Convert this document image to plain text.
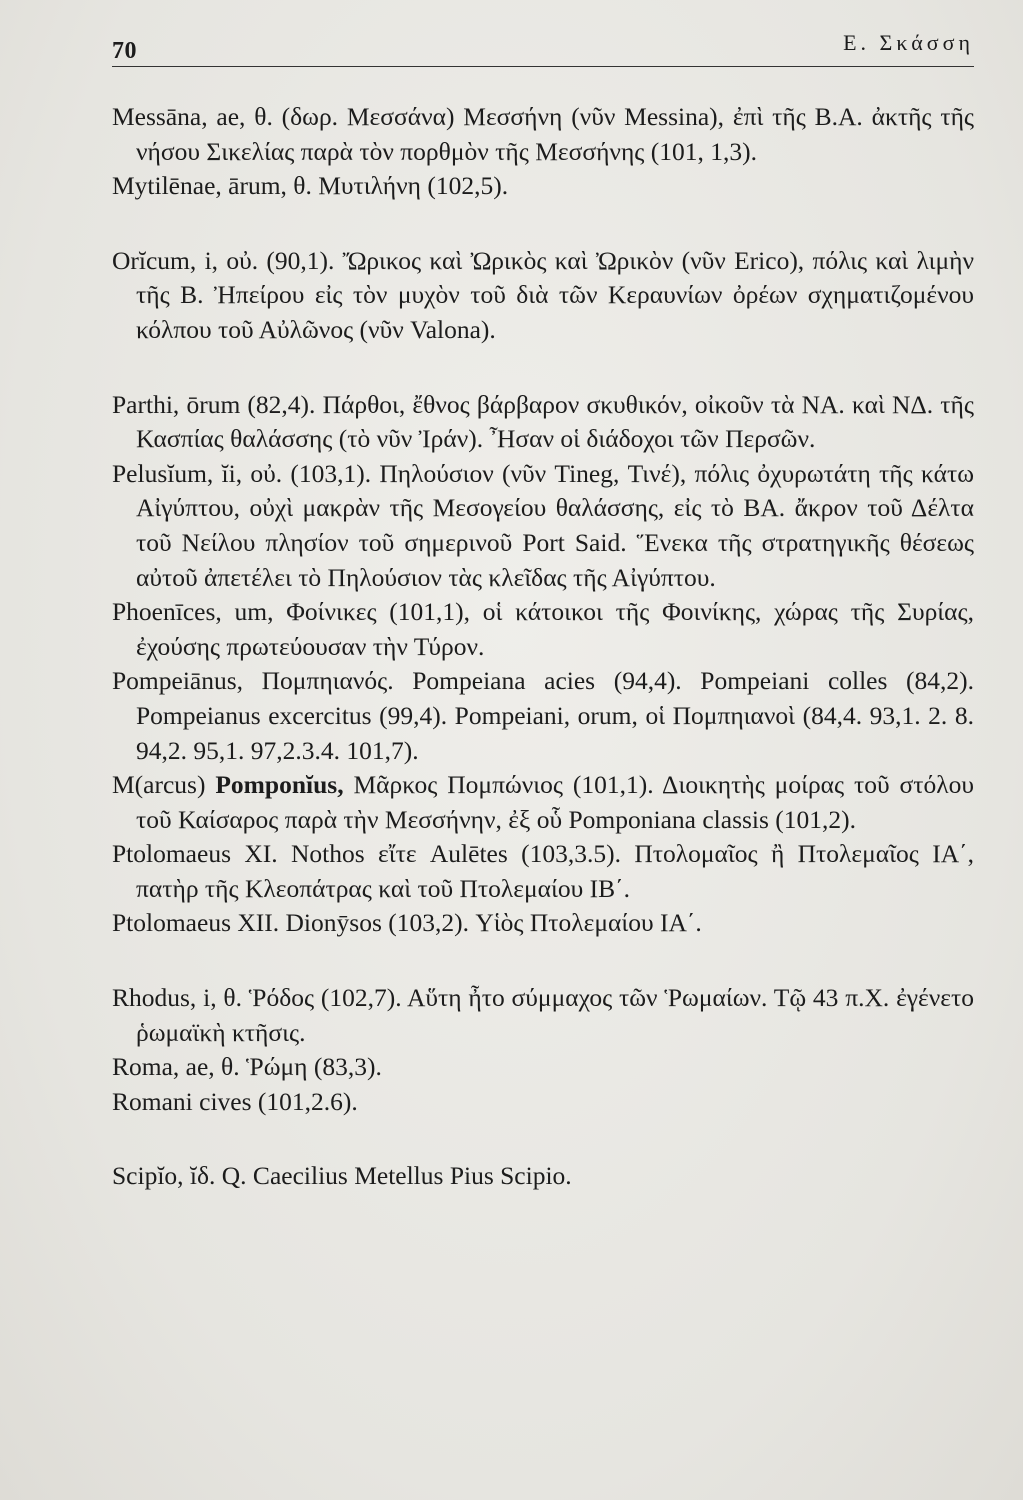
70	Ε. Σκάσση

Messāna, ae, θ. (δωρ. Μεσσάνα) Μεσσήνη (νῦν Messina), ἐπὶ τῆς Β.Α. ἀκτῆς τῆς νήσου Σικελίας παρὰ τὸν πορθμὸν τῆς Μεσσήνης (101, 1,3).

Mytilēnae, ārum, θ. Μυτιλήνη (102,5).

Orĭcum, i, οὐ. (90,1). Ὤρικος καὶ Ὠρικὸς καὶ Ὠρικὸν (νῦν Erico), πόλις καὶ λιμὴν τῆς Β. Ἠπείρου εἰς τὸν μυχὸν τοῦ διὰ τῶν Κεραυνίων ὀρέων σχηματιζομένου κόλπου τοῦ Αὐλῶνος (νῦν Valona).

Parthi, ōrum (82,4). Πάρθοι, ἔθνος βάρβαρον σκυθικόν, οἰκοῦν τὰ ΝΑ. καὶ ΝΔ. τῆς Κασπίας θαλάσσης (τὸ νῦν Ἰράν). Ἦσαν οἱ διάδοχοι τῶν Περσῶν.

Pelusĭum, ĭi, οὐ. (103,1). Πηλούσιον (νῦν Tineg, Τινέ), πόλις ὀχυρωτάτη τῆς κάτω Αἰγύπτου, οὐχὶ μακρὰν τῆς Μεσογείου θαλάσσης, εἰς τὸ ΒΑ. ἄκρον τοῦ Δέλτα τοῦ Νείλου πλησίον τοῦ σημερινοῦ Port Said. Ἕνεκα τῆς στρατηγικῆς θέσεως αὐτοῦ ἀπετέλει τὸ Πηλούσιον τὰς κλεῖδας τῆς Αἰγύπτου.

Phoenīces, um, Φοίνικες (101,1), οἱ κάτοικοι τῆς Φοινίκης, χώρας τῆς Συρίας, ἐχούσης πρωτεύουσαν τὴν Τύρον.

Pompeiānus, Πομπηιανός. Pompeiana acies (94,4). Pompeiani colles (84,2). Pompeianus excercitus (99,4). Pompeiani, orum, οἱ Πομπηιανοὶ (84,4. 93,1. 2. 8. 94,2. 95,1. 97,2.3.4. 101,7).

M(arcus) Pomponĭus, Μᾶρκος Πομπώνιος (101,1). Διοικητὴς μοίρας τοῦ στόλου τοῦ Καίσαρος παρὰ τὴν Μεσσήνην, ἐξ οὗ Pomponiana classis (101,2).

Ptolomaeus XI. Nothos εἴτε Aulētes (103,3.5). Πτολομαῖος ἢ Πτολεμαῖος ΙΑ΄, πατὴρ τῆς Κλεοπάτρας καὶ τοῦ Πτολεμαίου ΙΒ΄.

Ptolomaeus XII. Dionȳsos (103,2). Υἱὸς Πτολεμαίου ΙΑ΄.

Rhodus, i, θ. Ῥόδος (102,7). Αὕτη ἦτο σύμμαχος τῶν Ῥωμαίων. Τῷ 43 π.Χ. ἐγένετο ῥωμαϊκὴ κτῆσις.

Roma, ae, θ. Ῥώμη (83,3).

Romani cives (101,2.6).

Scipĭo, ĭδ. Q. Caecilius Metellus Pius Scipio.
